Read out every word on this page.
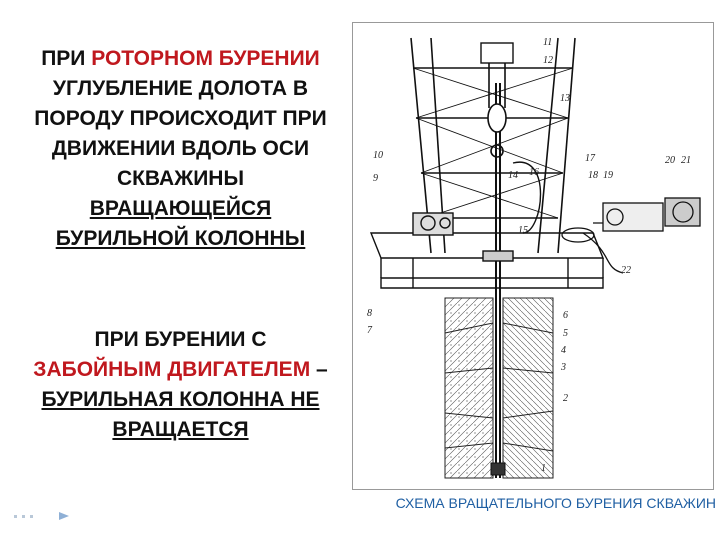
ПРИ РОТОРНОМ БУРЕНИИ
УГЛУБЛЕНИЕ ДОЛОТА В
ПОРОДУ ПРОИСХОДИТ ПРИ
ДВИЖЕНИИ ВДОЛЬ ОСИ
СКВАЖИНЫ
ВРАЩАЮЩЕЙСЯ
БУРИЛЬНОЙ КОЛОННЫ
ПРИ БУРЕНИИ С
ЗАБОЙНЫМ ДВИГАТЕЛЕМ –
БУРИЛЬНАЯ КОЛОННА НЕ
ВРАЩАЕТСЯ
1
2
3
4
5
6
7
8
9
10
11
12
13
14
15
16
17
18 19
20 21
22
СХЕМА ВРАЩАТЕЛЬНОГО БУРЕНИЯ СКВАЖИН
